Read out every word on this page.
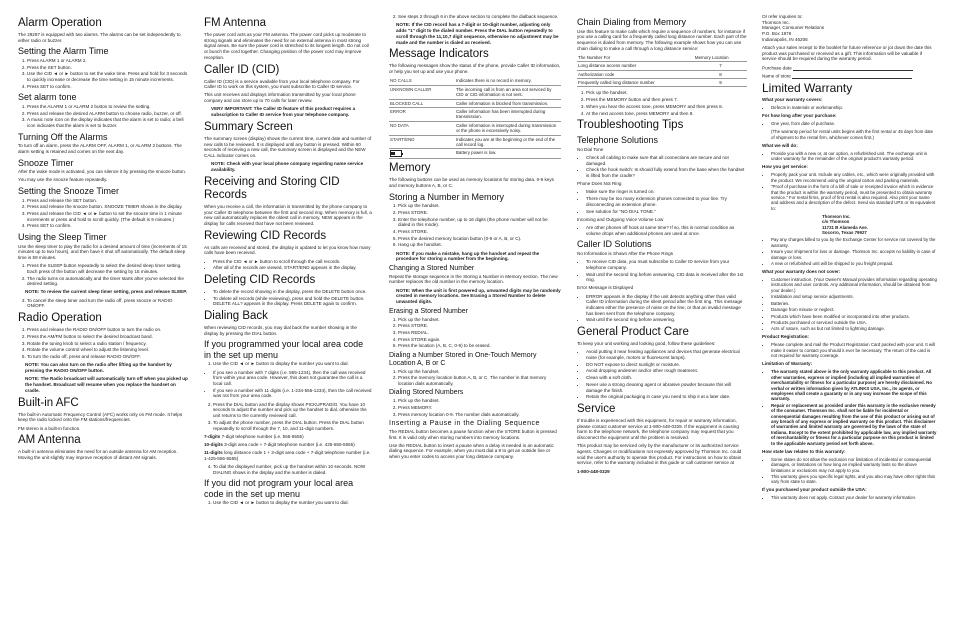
Alarm Operation

The 29297 is equipped with two alarms. The alarms can be set independently to either radio or buzzer.

Setting the Alarm Time
1. Press ALARM 1 or ALARM 2.
2. Press the SET button.
3. Use the CID ◄ or ► button to set the wake time. Press and hold for 3 seconds to quickly increase or decrease the time setting in 15 minute increments.
4. Press SET to confirm.
Set alarm tone
1. Press the ALARM 1 or ALARM 2 button to review the setting.
2. Press and release the desired ALARM button to choose radio, buzzer, or off.
3. A music note icon on the display indicates that the alarm is set to radio; a bell icon indicates that the alarm is set to buzzer.
Turning Off the Alarms

To turn off an alarm, press the ALARM OFF, ALARM 1, or ALARM 2 buttons. The alarm setting is retained and comes on the next day.

Snooze Timer

After the wake mode is activated, you can silence it by pressing the snooze button.

You may use the snooze feature repeatedly.

Setting the Snooze Timer
1. Press and release the SET button.
2. Press and release the snooze button. SNOOZE TIMER shows in the display.
3. Press and release the CID ◄ or ► button to set the snooze time in 1 minute increments or press and hold to scroll quickly. (The default is 9 minutes.)
4. Press SET to confirm.
Using the Sleep Timer

Use the sleep timer to play the radio for a desired amount of time (increments of 15 minutes up to two hours), and then have it shut off automatically. The default sleep time is 59 minutes.

1. Press the SLEEP button repeatedly to select the desired sleep timer setting. Each press of the button will decrease the setting by 15 minutes.
2. The radio turns on automatically and the timer starts after you've selected the desired setting.

NOTE: To review the current sleep timer setting, press and release SLEEP.

3. To cancel the sleep timer and turn the radio off, press snooze or RADIO ON/OFF.
Radio Operation
1. Press and release the RADIO ON/OFF button to turn the radio on.
2. Press the AM/FM button to select the desired broadcast band.
3. Rotate the tuning knob to select a radio station / frequency.
4. Rotate the volume control wheel to adjust the listening level.
5. To turn the radio off, press and release RADIO ON/OFF.

NOTE: You can also turn on the radio after lifting up the handset by pressing the RADIO ON/OFF button.

NOTE: The Radio broadcast will automatically turn off when you picked up the handset. Broadcast will resume when you replace the handset on cradle.

Built-in AFC

The built-in Automatic Frequency Control (AFC) works only on FM mode. It helps keep the radio locked onto the FM stations/frequencies.

FM stereo is a built-in function.

AM Antenna

A built-in antenna eliminates the need for an outside antenna for AM reception. Moving the unit slightly may improve reception of distant AM signals.

FM Antenna

The power cord acts as your FM antenna. The power cord picks up moderate to strong signals and eliminates the need for an external antenna in most strong signal areas. Be sure the power cord is stretched to its longest length. Do not coil or bunch the cord together. Changing position of the power cord may improve reception.

Caller ID (CID)

Caller ID (CID) is a service available from your local telephone company. For Caller ID to work on this system, you must subscribe to Caller ID service.

This unit receives and displays information transmitted by your local phone company and can store up to 70 calls for later review.

VERY IMPORTANT: The Caller ID feature of this product requires a subscription to Caller ID service from your telephone company.

Summary Screen

The summary screen (display) shows the current time, current date and number of new calls to be reviewed. It is displayed until any button is pressed. Within 60 seconds of receiving a new call, the summary screen is displayed and the NEW CALL indicator comes on.

NOTE: Check with your local phone company regarding name service availability.

Receiving and Storing CID Records

When you receive a call, the information is transmitted by the phone company to your Caller ID telephone between the first and second ring. When memory is full, a new call automatically replaces the oldest call in memory. NEW appears in the display for calls received that have not been reviewed.

Reviewing CID Records

As calls are received and stored, the display is updated to let you know how many calls have been received.

• Press the CID ◄ or ► button to scroll through the call records.
• After all of the records are viewed, START/END appears in the display.
Deleting CID Records
• To delete the record showing in the display, press the DELETE button once.
• To delete all records (while reviewing), press and hold the DELETE button. DELETE ALL? appears in the display. Press DELETE again to confirm.
Dialing Back

When reviewing CID records, you may dial back the number showing in the display by pressing the DIAL button.

If you programmed your local area code in the set up menu
1. Use the CID ◄ or ► button to display the number you want to dial.
• If you see a number with 7 digits (i.e. 555-1234), then the call was received from within your area code. However, this does not guarantee the call is a local call.
• If you see a number with 11 digits (i.e. 1-234-555-1234), then the call received was not from your area code.
2. Press the DIAL button and the display shows PICKUPRADIO. You have 10 seconds to adjust the number and pick up the handset to dial, otherwise the unit returns to the currently reviewed call.
3. To adjust the phone number, press the DIAL button. Press the DIAL button repeatedly to scroll through the 7, 10, and 11-digit numbers.

7-digits 7-digit telephone number (i.e. 555-5555)

10-digits 3-digit area code + 7-digit telephone number (i.e. 425-555-5555)

11-digits long distance code 1 + 3-digit area code + 7-digit telephone number (i.e. 1-425-555-5555)

4. To dial the displayed number, pick up the handset within 10 seconds. NOW DIALING shows in the display and the number is dialed.
If you did not program your local area code in the set up menu
1. Use the CID ◄ or ► button to display the number you want to dial.
2. See steps 2 through 6 in the above section to complete the dialback sequence.

NOTE: If the CID record has a 7-digit or 10-digit number, adjusting only adds "1" digit to the dialed number. Press the DIAL button repeatedly to scroll through the 11,10,7 digit sequence, otherwise no adjustment may be made and the number is dialed as received.

Message Indicators

The following messages show the status of the phone, provide Caller ID information, or help you set up and use your phone.

NO CALLS	Indicates there is no record in memory.
UNKNOWN CALLER	The incoming call is from an area not serviced by CID or CID information is not sent.
BLOCKED CALL	Caller information is blocked from transmission.
ERROR	Caller information has been interrupted during transmission.
NO DATA	Caller information is interrupted during transmission or the phone is excessively noisy.
START/END	Indicates you are at the beginning or the end of the call record log.

	Battery power is low.
Memory

The following buttons can be used as memory locations for storing data. 0-9 keys and memory buttons A, B, or C.

Storing a Number in Memory
1. Pick up the handset.
2. Press STORE.
3. Enter the telephone number, up to 16 digits (the phone number will not be dialed in this mode).
4. Press STORE.
5. Press the desired memory location button (0-9 or A, B, or C).
6. Hang up the handset.

NOTE: If you make a mistake, hang up the handset and repeat the procedure for storing a number from the beginning.

Changing a Stored Number

Repeat the storage sequence in the Storing a Number in Memory section. The new number replaces the old number in the memory location.

NOTE: When the unit is first powered up, unwanted digits may be randomly created in memory locations. See Erasing a Stored Number to delete unwanted digits.

Erasing a Stored Number
1. Pick up the handset.
2. Press STORE.
3. Press REDIAL.
4. Press STORE again.
5. Press the location (A, B, C, 0-9) to be erased.
Dialing a Number Stored in One-Touch Memory Location A, B or C
1. Pick up the handset.
2. Press the memory location button A, B, or C. The number in that memory location dials automatically.
Dialing Stored Numbers
1. Pick up the handset.
2. Press MEMORY.
3. Press memory location 0-9. The number dials automatically.
Inserting a Pause in the Dialing Sequence

The REDIAL button becomes a pause function when the STORE button is pressed first. It is valid only when storing numbers into memory locations.

Use the REDIAL button to insert a pause when a delay is needed in an automatic dialing sequence. For example, when you must dial a 9 to get an outside line or when you enter codes to access your long distance company.

Chain Dialing from Memory

Use this feature to make calls which require a sequence of numbers, for instance if you use a calling card for a frequently called long distance number. Each part of the sequence is dialed from memory. The following example shows how you can use chain dialing to make a call through a long distance service:

The Number For	Memory Location
Long distance access number	7
Authorization code	8
Frequently called long distance number	9
1. Pick up the handset.
2. Press the MEMORY button and then press 7.
3. When you hear the access tone, press MEMORY and then press 8.
4. At the next access tone, press MEMORY and then 9.
Troubleshooting Tips
Telephone Solutions

No Dial Tone

• Check all cabling to make sure that all connections are secure and not damaged.
• Check the hook switch: Is should fully extend from the base when the handset is lifted from the cradle?

Phone Does Not Ring

• Make sure the ringer is turned on.
• There may be too many extension phones connected to your line. Try disconnecting an extension phone.
• See solution for "NO DIAL TONE."

Incoming and Outgoing Voice Volume Low

• Are other phones off hook at same time? If so, this is normal condition as volume drops when additional phones are used at once.
Caller ID Solutions

No Information is Shown After the Phone Rings

• To receive CID data, you must subscribe to Caller ID service from your telephone company.
• Wait until the second ring before answering. CID data is received after the 1st ring.

Error Message is Displayed

• ERROR appears in the display if the unit detects anything other than valid Caller ID information during the silent period after the first ring. This message indicates either the presence of noise on the line, or that an invalid message has been sent from the telephone company.
• Wait until the second ring before answering.
General Product Care

To keep your unit working and looking good, follow these guidelines:

• Avoid putting it near heating appliances and devices that generate electrical noise (for example, motors or fluorescent lamps).
• DO NOT expose to direct sunlight or moisture.
• Avoid dropping andesner and/or other rough treatment.
• Clean with a soft cloth.
• Never use a strong cleaning agent or abrasive powder because this will damage the finish.
• Retain the original packaging in case you need to ship it at a later date.
Service

If trouble is experienced with this equipment, for repair or warranty information, please contact customer service at 1-800-448-0329. If the equipment is causing harm to the telephone network, the telephone company may request that you disconnect the equipment until the problem is resolved.

This product may be serviced only by the manufacturer or its authorized service agents. Changes or modifications not expressly approved by Thomson Inc. could void the user's authority to operate this product. For instructions on how to obtain service, refer to the warranty included in this guide or call customer service at

1-800-448-0329

Or refer inquiries to:

Thomson Inc.

Manager, Consumer Relations

P.O. Box 1976

Indianapolis, IN 46206

Attach your sales receipt to the booklet for future reference or jot down the date this product was purchased or received as a gift. This information will be valuable if service should be required during the warranty period.

Purchase date

Name of store

Limited Warranty

What your warranty covers:

• Defects in materials or workmanship.

For how long after your purchase:

• One year, from date of purchase.

(The warranty period for rental units begins with the first rental or 45 days from date of shipment to the rental firm, whichever comes first.)

What we will do:

• Provide you with a new or, at our option, a refurbished unit. The exchange unit is under warranty for the remainder of the original product's warranty period.

How you get service:

• Properly pack your unit. Include any cables, etc., which were originally provided with the product. We recommend using the original carton and packing materials.
• "Proof of purchase in the form of a bill of sale or receipted invoice which is evidence that the product is within the warranty period, must be presented to obtain warranty service." For rental firms, proof of first rental is also required. Also print your name and address and a description of the defect. Send via standard UPS or its equivalent to:

Thomson Inc.

c/o Thomson

11721 B Alameda Ave.

Socorro, Texas 79927

• Pay any charges billed to you by the Exchange Center for service not covered by the warranty.
• Insure your shipment for loss or damage. Thomson Inc. accepts no liability in case of damage or loss.
• A new or refurbished unit will be shipped to you freight prepaid.

What your warranty does not cover:

• Customer instruction. (Your Owner's Manual provides information regarding operating instructions and user controls. Any additional information, should be obtained from your dealer.)
• Installation and setup service adjustments.
• Batteries.
• Damage from misuse or neglect.
• Products which have been modified or incorporated into other products.
• Products purchased or serviced outside the USA.
• Acts of nature, such as but not limited to lightning damage.

Product Registration:

• Please complete and mail the Product Registration Card packed with your unit. It will make it easier to contact you should it ever be necessary. The return of the card is not required for warranty coverage.

Limitation of Warranty:

• The warranty stated above is the only warranty applicable to this product. All other warranties, express or implied (including all implied warranties of merchantability or fitness for a particular purpose) are hereby disclaimed. No verbal or written information given by ATLINKS USA, Inc., its agents, or employees shall create a guaranty or in any way increase the scope of this warranty.
• Repair or replacement as provided under this warranty is the exclusive remedy of the consumer. Thomson Inc. shall not be liable for incidental or consequential damages resulting from the use of this product or arising out of any breach of any express or implied warranty on this product. This disclaimer of warranties and limited warranty are governed by the laws of the state of Indiana. Except to the extent prohibited by applicable law, any implied warranty of merchantability or fitness for a particular purpose on this product is limited to the applicable warranty period set forth above.

How state law relates to this warranty:

• Some states do not allow the exclusion nor limitation of incidental or consequential damages, or limitations on how long an implied warranty lasts so the above limitations or exclusions may not apply to you.
• This warranty gives you specific legal rights, and you also may have other rights that vary from state to state.

If you purchased your product outside the USA:

• This warranty does not apply. Contact your dealer for warranty information.
